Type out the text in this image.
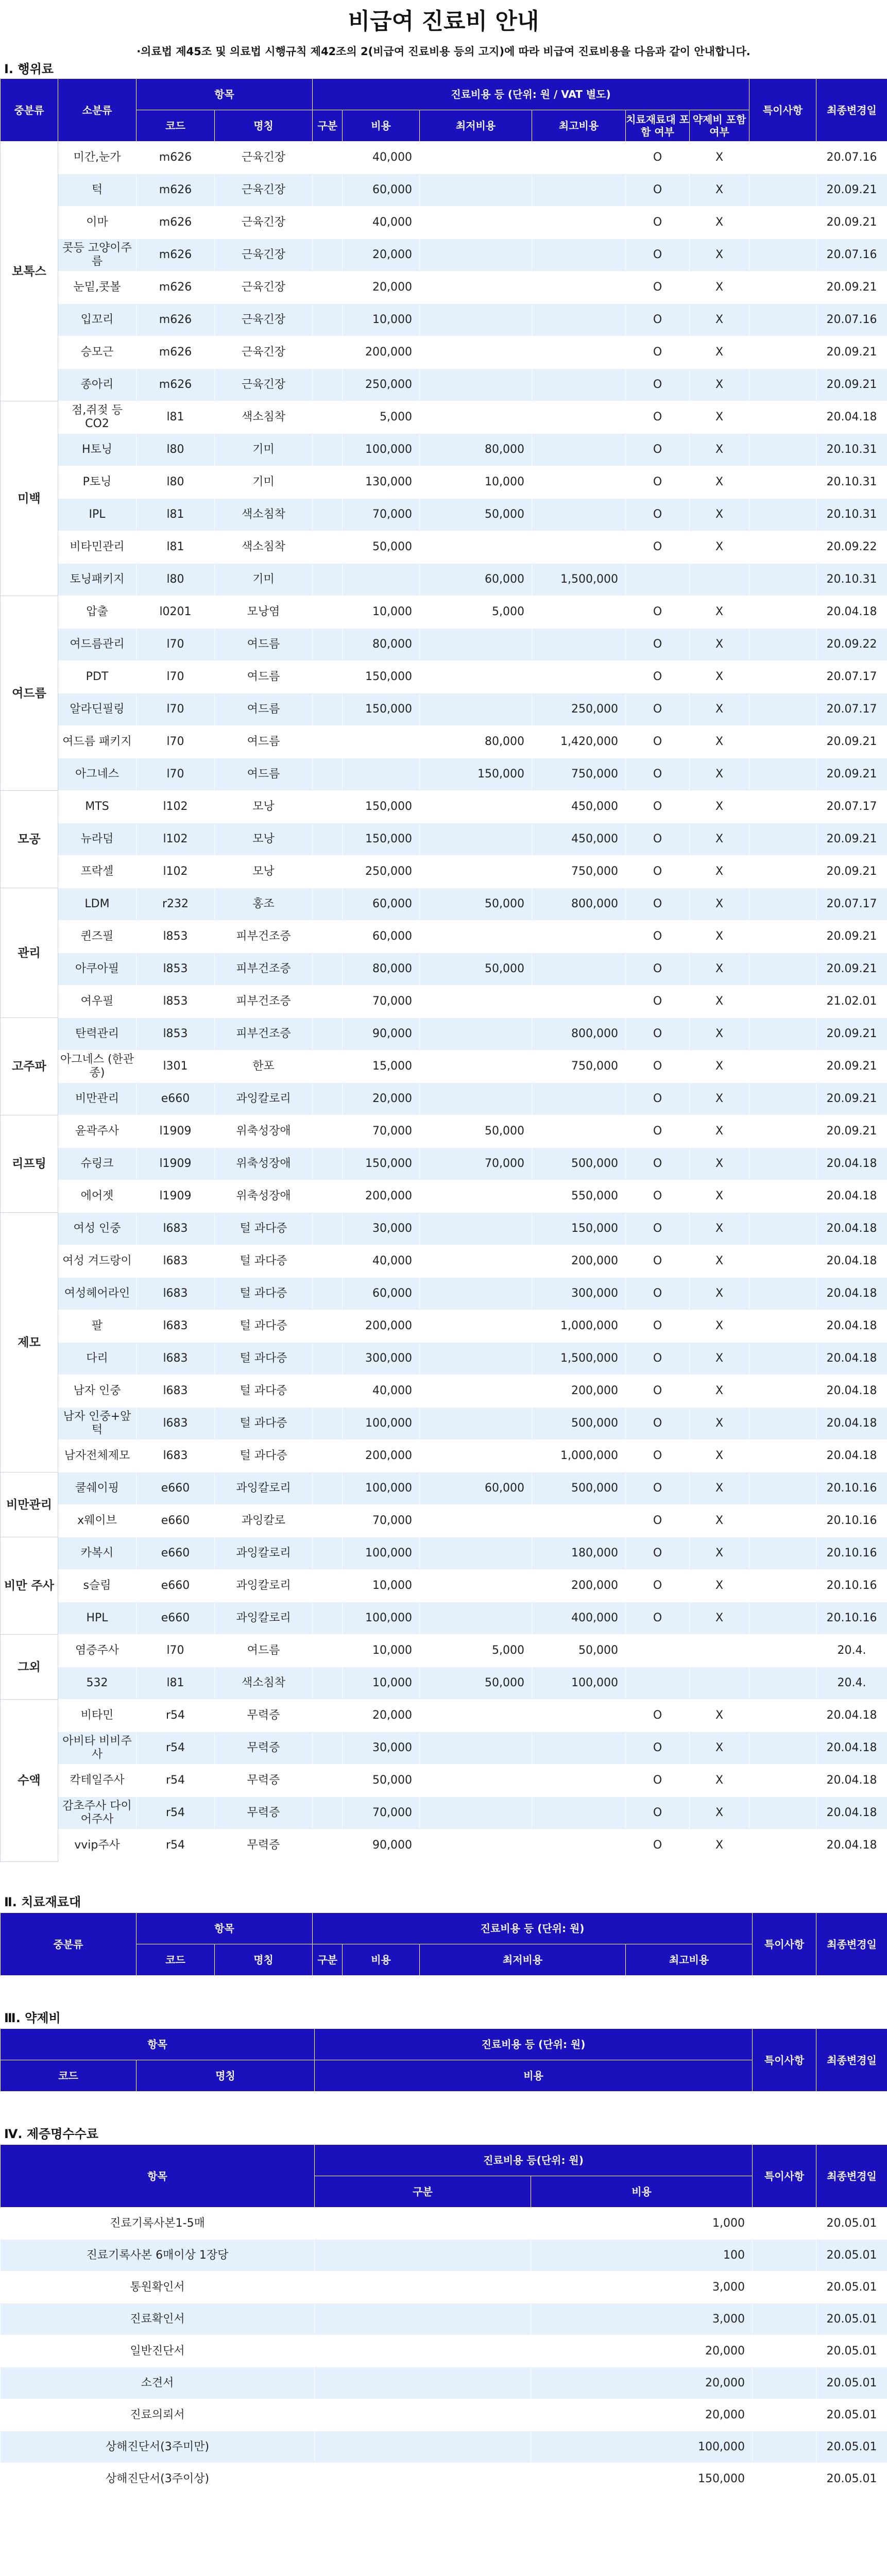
비급여 진료비 안내
·의료법 제45조 및 의료법 시행규칙 제42조의 2(비급여 진료비용 등의 고지)에 따라 비급여 진료비용을 다음과 같이 안내합니다.
Ⅰ. 행위료
중분류	소분류	항목		진료비용 등 (단위: 원 / VAT 별도)						특이사항	최종변경일
		코드	명칭	구분	비용	최저비용	최고비용	치료재료대 포함 여부	약제비 포함 여부		
보톡스	미간,눈가	m626	근육긴장		40,000			O	X		20.07.16
	턱	m626	근육긴장		60,000			O	X		20.09.21
	이마	m626	근육긴장		40,000			O	X		20.09.21
	콧등 고양이주름	m626	근육긴장		20,000			O	X		20.07.16
	눈밑,콧볼	m626	근육긴장		20,000			O	X		20.09.21
	입꼬리	m626	근육긴장		10,000			O	X		20.07.16
	승모근	m626	근육긴장		200,000			O	X		20.09.21
	종아리	m626	근육긴장		250,000			O	X		20.09.21
미백	점,쥐젖 등 CO2	l81	색소침착		5,000			O	X		20.04.18
	H토닝	l80	기미		100,000	80,000		O	X		20.10.31
	P토닝	l80	기미		130,000	10,000		O	X		20.10.31
	IPL	l81	색소침착		70,000	50,000		O	X		20.10.31
	비타민관리	l81	색소침착		50,000			O	X		20.09.22
	토닝패키지	l80	기미			60,000	1,500,000				20.10.31
여드름	압출	l0201	모낭염		10,000	5,000		O	X		20.04.18
	여드름관리	l70	여드름		80,000			O	X		20.09.22
	PDT	l70	여드름		150,000			O	X		20.07.17
	알라딘필링	l70	여드름		150,000		250,000	O	X		20.07.17
	여드름 패키지	l70	여드름			80,000	1,420,000	O	X		20.09.21
	아그네스	l70	여드름			150,000	750,000	O	X		20.09.21
모공	MTS	l102	모낭		150,000		450,000	O	X		20.07.17
	뉴라덤	l102	모낭		150,000		450,000	O	X		20.09.21
	프락셀	l102	모낭		250,000		750,000	O	X		20.09.21
관리	LDM	r232	홍조		60,000	50,000	800,000	O	X		20.07.17
	퀸즈필	l853	피부건조증		60,000			O	X		20.09.21
	아쿠아필	l853	피부건조증		80,000	50,000		O	X		20.09.21
	여우필	l853	피부건조증		70,000			O	X		21.02.01
고주파	탄력관리	l853	피부건조증		90,000		800,000	O	X		20.09.21
	아그네스 (한관종)	l301	한포		15,000		750,000	O	X		20.09.21
	비만관리	e660	과잉칼로리		20,000			O	X		20.09.21
리프팅	윤곽주사	l1909	위축성장애		70,000	50,000		O	X		20.09.21
	슈링크	l1909	위축성장애		150,000	70,000	500,000	O	X		20.04.18
	에어젯	l1909	위축성장애		200,000		550,000	O	X		20.04.18
제모	여성 인중	l683	털 과다증		30,000		150,000	O	X		20.04.18
	여성 겨드랑이	l683	털 과다증		40,000		200,000	O	X		20.04.18
	여성헤어라인	l683	털 과다증		60,000		300,000	O	X		20.04.18
	팔	l683	털 과다증		200,000		1,000,000	O	X		20.04.18
	다리	l683	털 과다증		300,000		1,500,000	O	X		20.04.18
	남자 인중	l683	털 과다증		40,000		200,000	O	X		20.04.18
	남자 인중+앞턱	l683	털 과다증		100,000		500,000	O	X		20.04.18
	남자전체제모	l683	털 과다증		200,000		1,000,000	O	X		20.04.18
비만관리	쿨쉐이핑	e660	과잉칼로리		100,000	60,000	500,000	O	X		20.10.16
	x웨이브	e660	과잉칼로		70,000			O	X		20.10.16
비만 주사	카복시	e660	과잉칼로리		100,000		180,000	O	X		20.10.16
	s슬림	e660	과잉칼로리		10,000		200,000	O	X		20.10.16
	HPL	e660	과잉칼로리		100,000		400,000	O	X		20.10.16
그외	염증주사	l70	여드름		10,000	5,000	50,000				20.4.
	532	l81	색소침착		10,000	50,000	100,000				20.4.
수액	비타민	r54	무력증		20,000			O	X		20.04.18
	아비타 비비주사	r54	무력증		30,000			O	X		20.04.18
	칵테일주사	r54	무력증		50,000			O	X		20.04.18
	감초주사 다이어주사	r54	무력증		70,000			O	X		20.04.18
	vvip주사	r54	무력증		90,000			O	X		20.04.18
Ⅱ. 치료재료대
중분류	항목		진료비용 등 (단위: 원)				특이사항	최종변경일
	코드	명칭	구분	비용	최저비용	최고비용		
Ⅲ. 약제비
항목		진료비용 등 (단위: 원)	특이사항	최종변경일
코드	명칭	비용		
Ⅳ. 제증명수수료
항목	진료비용 등(단위: 원)		특이사항	최종변경일
	구분	비용		
진료기록사본1-5매		1,000		20.05.01
진료기록사본 6매이상 1장당		100		20.05.01
통원확인서		3,000		20.05.01
진료확인서		3,000		20.05.01
일반진단서		20,000		20.05.01
소견서		20,000		20.05.01
진료의뢰서		20,000		20.05.01
상해진단서(3주미만)		100,000		20.05.01
상해진단서(3주이상)		150,000		20.05.01
